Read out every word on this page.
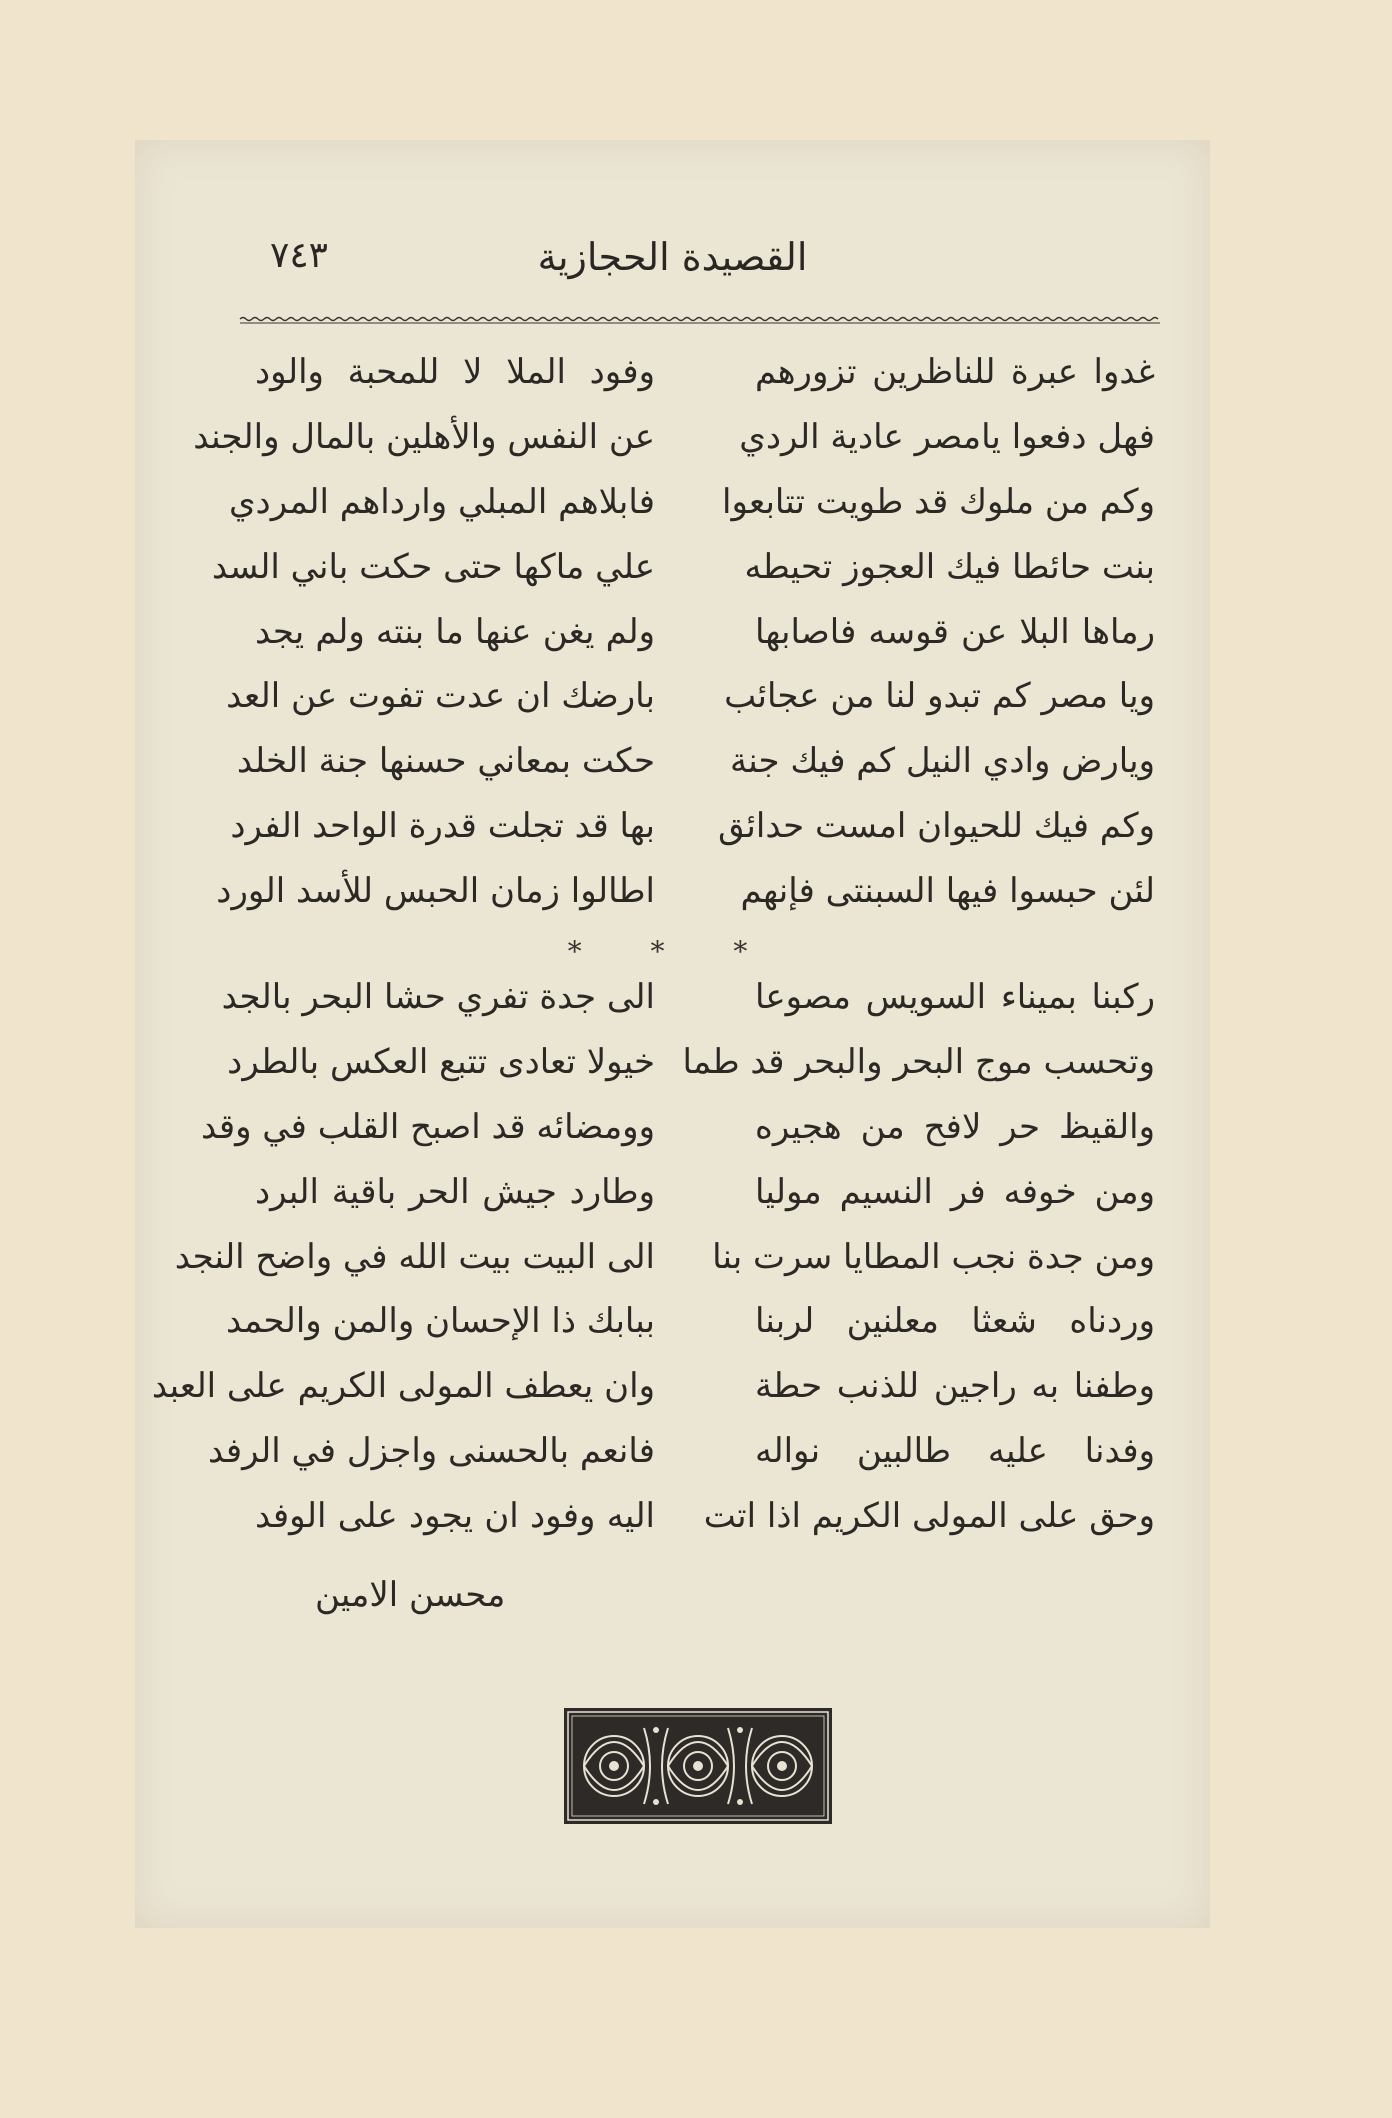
القصيدة الحجازية
٧٤٣
غدوا عبرة للناظرين تزورهم
وفود الملا لا للمحبة والود
فهل دفعوا يامصر عادية الردي
عن النفس والأهلين بالمال والجند
وكم من ملوك قد طويت تتابعوا
فابلاهم المبلي وارداهم المردي
بنت حائطا فيك العجوز تحيطه
علي ماكها حتى حكت باني السد
رماها البلا عن قوسه فاصابها
ولم يغن عنها ما بنته ولم يجد
ويا مصر كم تبدو لنا من عجائب
بارضك ان عدت تفوت عن العد
ويارض وادي النيل كم فيك جنة
حكت بمعاني حسنها جنة الخلد
وكم فيك للحيوان امست حدائق
بها قد تجلت قدرة الواحد الفرد
لئن حبسوا فيها السبنتى فإنهم
اطالوا زمان الحبس للأسد الورد
* * *
ركبنا بميناء السويس مصوعا
الى جدة تفري حشا البحر بالجد
وتحسب موج البحر والبحر قد طما
خيولا تعادى تتبع العكس بالطرد
والقيظ حر لافح من هجيره
وومضائه قد اصبح القلب في وقد
ومن خوفه فر النسيم موليا
وطارد جيش الحر باقية البرد
ومن جدة نجب المطايا سرت بنا
الى البيت بيت الله في واضح النجد
وردناه شعثا معلنين لربنا
ببابك ذا الإحسان والمن والحمد
وطفنا به راجين للذنب حطة
وان يعطف المولى الكريم على العبد
وفدنا عليه طالبين نواله
فانعم بالحسنى واجزل في الرفد
وحق على المولى الكريم اذا اتت
اليه وفود ان يجود على الوفد
محسن الامين
